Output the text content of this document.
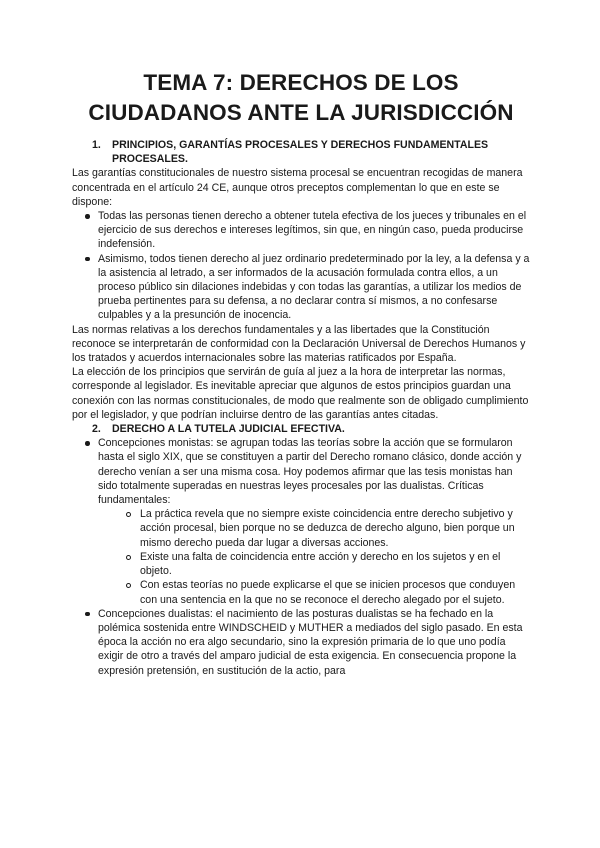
TEMA 7: DERECHOS DE LOS CIUDADANOS ANTE LA JURISDICCIÓN
1.	PRINCIPIOS, GARANTÍAS PROCESALES Y DERECHOS FUNDAMENTALES PROCESALES.

Las garantías constitucionales de nuestro sistema procesal se encuentran recogidas de manera concentrada en el artículo 24 CE, aunque otros preceptos complementan lo que en este se dispone:

Todas las personas tienen derecho a obtener tutela efectiva de los jueces y tribunales en el ejercicio de sus derechos e intereses legítimos, sin que, en ningún caso, pueda producirse indefensión.
Asimismo, todos tienen derecho al juez ordinario predeterminado por la ley, a la defensa y a la asistencia al letrado, a ser informados de la acusación formulada contra ellos, a un proceso público sin dilaciones indebidas y con todas las garantías, a utilizar los medios de prueba pertinentes para su defensa, a no declarar contra sí mismos, a no confesarse culpables y a la presunción de inocencia.

Las normas relativas a los derechos fundamentales y a las libertades que la Constitución reconoce se interpretarán de conformidad con la Declaración Universal de Derechos Humanos y los tratados y acuerdos internacionales sobre las materias ratificados por España.

La elección de los principios que servirán de guía al juez a la hora de interpretar las normas, corresponde al legislador. Es inevitable apreciar que algunos de estos principios guardan una conexión con las normas constitucionales, de modo que realmente son de obligado cumplimiento por el legislador, y que podrían incluirse dentro de las garantías antes citadas.

2.	DERECHO A LA TUTELA JUDICIAL EFECTIVA.
Concepciones monistas: se agrupan todas las teorías sobre la acción que se formularon hasta el siglo XIX, que se constituyen a partir del Derecho romano clásico, donde acción y derecho venían a ser una misma cosa. Hoy podemos afirmar que las tesis monistas han sido totalmente superadas en nuestras leyes procesales por las dualistas. Críticas fundamentales:
La práctica revela que no siempre existe coincidencia entre derecho subjetivo y acción procesal, bien porque no se deduzca de derecho alguno, bien porque un mismo derecho pueda dar lugar a diversas acciones.
Existe una falta de coincidencia entre acción y derecho en los sujetos y en el objeto.
Con estas teorías no puede explicarse el que se inicien procesos que conduyen con una sentencia en la que no se reconoce el derecho alegado por el sujeto.
Concepciones dualistas: el nacimiento de las posturas dualistas se ha fechado en la polémica sostenida entre WINDSCHEID y MUTHER a mediados del siglo pasado. En esta época la acción no era algo secundario, sino la expresión primaria de lo que uno podía exigir de otro a través del amparo judicial de esta exigencia. En consecuencia propone la expresión pretensión, en sustitución de la actio, para
